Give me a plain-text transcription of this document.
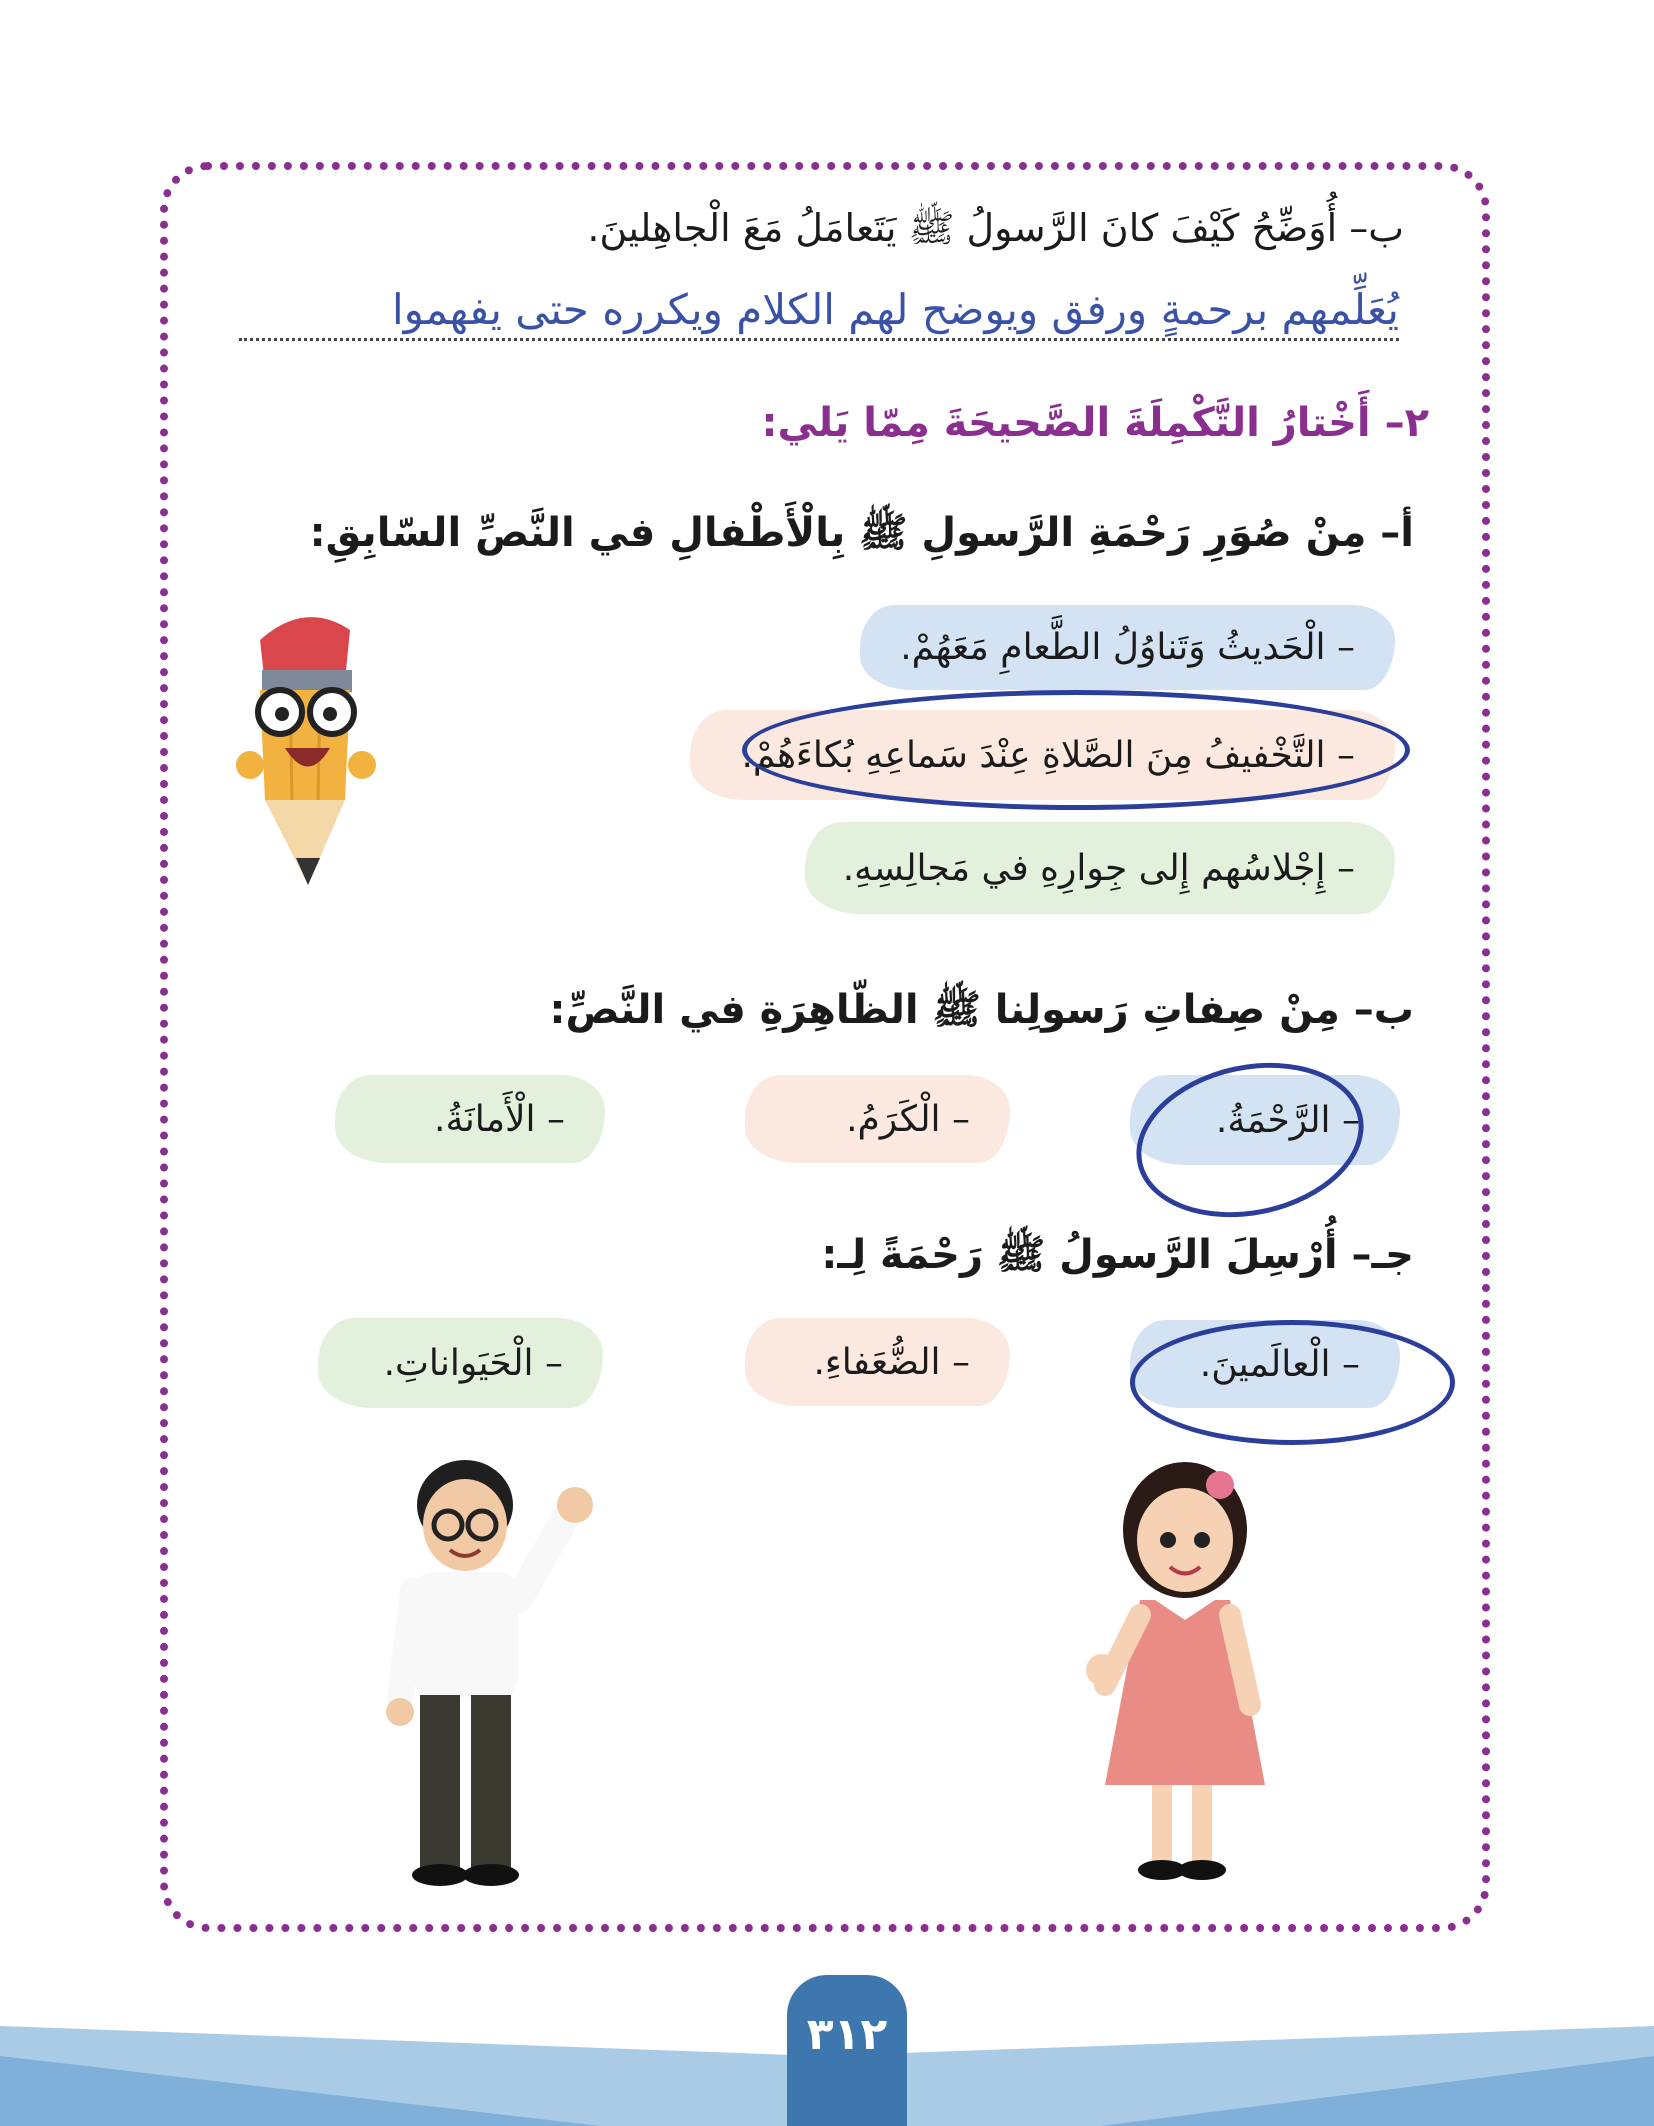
ب– أُوَضِّحُ كَيْفَ كانَ الرَّسولُ ﷺ يَتَعامَلُ مَعَ الْجاهِلينَ.
يُعَلِّمهم برحمةٍ ورفق ويوضح لهم الكلام ويكرره حتى يفهموا
٢– أَخْتارُ التَّكْمِلَةَ الصَّحيحَةَ مِمّا يَلي:
أ– مِنْ صُوَرِ رَحْمَةِ الرَّسولِ ﷺ بِالْأَطْفالِ في النَّصِّ السّابِقِ:
– الْحَديثُ وَتَناوُلُ الطَّعامِ مَعَهُمْ.
– التَّخْفيفُ مِنَ الصَّلاةِ عِنْدَ سَماعِهِ بُكاءَهُمْ.
– إِجْلاسُهم إِلى جِوارِهِ في مَجالِسِهِ.
ب– مِنْ صِفاتِ رَسولِنا ﷺ الظّاهِرَةِ في النَّصِّ:
– الرَّحْمَةُ.
– الْكَرَمُ.
– الْأَمانَةُ.
جـ– أُرْسِلَ الرَّسولُ ﷺ رَحْمَةً لِـ:
– الْعالَمينَ.
– الضُّعَفاءِ.
– الْحَيَواناتِ.
٣١٢
